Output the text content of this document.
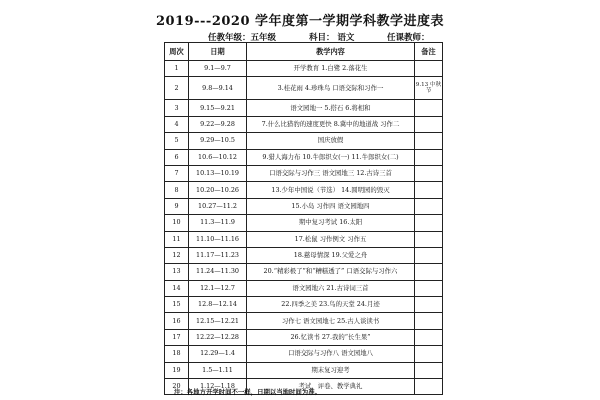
2019---2020 学年度第一学期学科教学进度表
任教年级：五年级	科目： 语文	任课教师：
周次	日期	教学内容	备注
1	9.1—9.7	开学教育 1.白鹭 2.落花生	
2	9.8—9.14	3.桂花雨 4.珍珠鸟 口语交际和习作一	9.13 中秋节
3	9.15—9.21	语文园地一 5.搭石 6.将相和	
4	9.22—9.28	7.什么比猎豹的速度更快 8.冀中的地道战 习作二	
5	9.29—10.5	国庆放假	
6	10.6—10.12	9.猎人海力布 10.牛郎织女(一) 11.牛郎织女(二)	
7	10.13—10.19	口语交际与习作三 语文园地三 12.古诗三首	
8	10.20—10.26	13.少年中国说（节选） 14.圆明园的毁灭	
9	10.27—11.2	15.小岛 习作四 语文园地四	
10	11.3—11.9	期中复习考试 16.太阳	
11	11.10—11.16	17.松鼠 习作例文 习作五	
12	11.17—11.23	18.慈母情深 19.父爱之舟	
13	11.24—11.30	20.“精彩极了”和“糟糕透了” 口语交际与习作六	
14	12.1—12.7	语文园地六 21.古诗词三首	
15	12.8—12.14	22.四季之美 23.鸟的天堂 24.月迹	
16	12.15—12.21	习作七 语文园地七 25.古人谈读书	
17	12.22—12.28	26.忆读书 27.我的“长生果”	
18	12.29—1.4	口语交际与习作八 语文园地八	
19	1.5—1.11	期末复习迎考	
20	1.12—1.18	考试、评卷、教学典礼	
注：各地方开学时间不一样，日期以当地时间为准。
